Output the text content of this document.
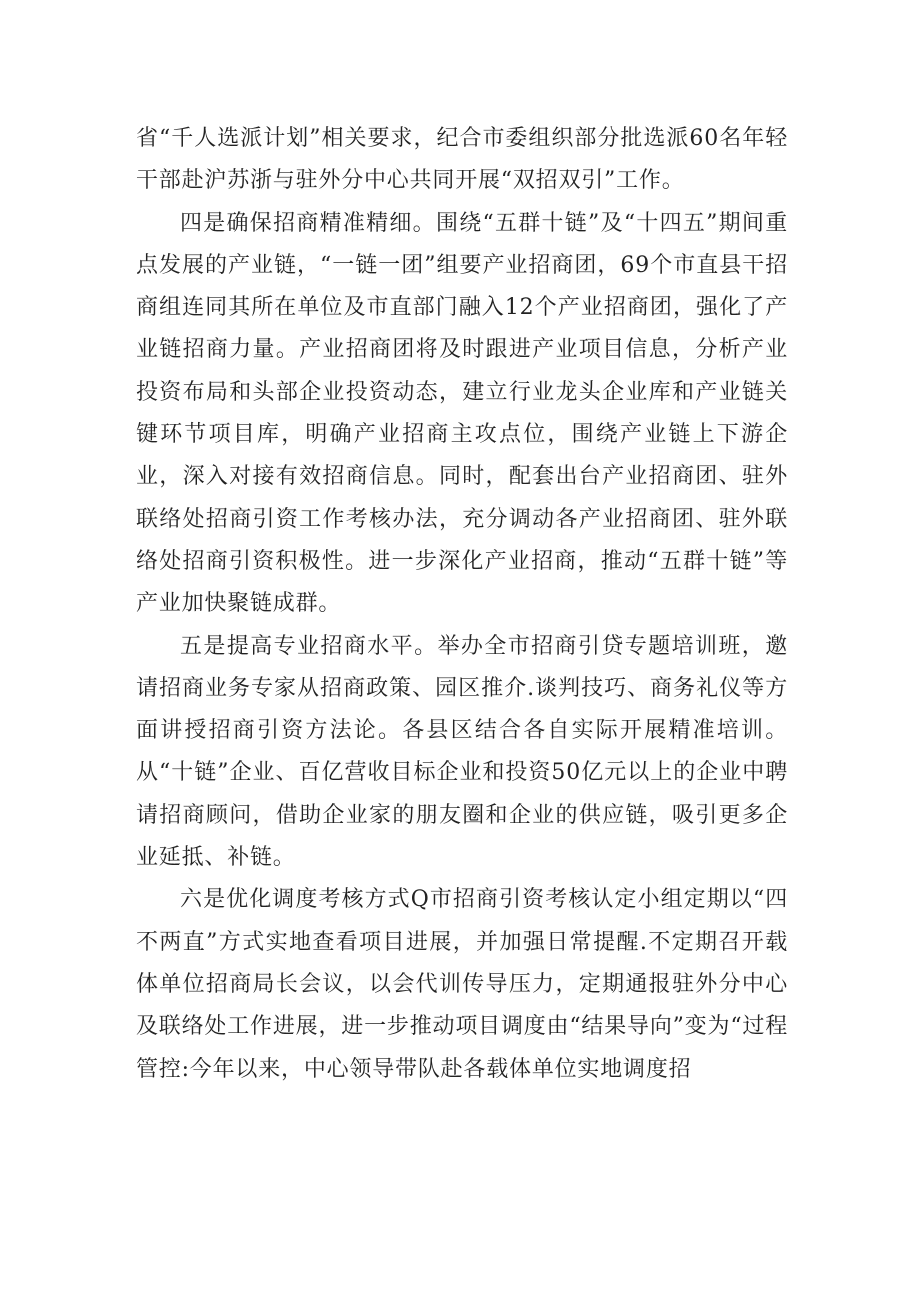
省“千人选派计划”相关要求，纪合市委组织部分批选派60名年轻干部赴沪苏浙与驻外分中心共同开展“双招双引”工作。

四是确保招商精准精细。围绕“五群十链”及“十四五”期间重点发展的产业链，“一链一团”组要产业招商团，69个市直县干招商组连同其所在单位及市直部门融入12个产业招商团，强化了产业链招商力量。产业招商团将及时跟进产业项目信息，分析产业投资布局和头部企业投资动态，建立行业龙头企业库和产业链关键环节项目库，明确产业招商主攻点位，围绕产业链上下游企业，深入对接有效招商信息。同时，配套出台产业招商团、驻外联络处招商引资工作考核办法，充分调动各产业招商团、驻外联络处招商引资积极性。进一步深化产业招商，推动“五群十链”等产业加快聚链成群。

五是提高专业招商水平。举办全市招商引贷专题培训班，邀请招商业务专家从招商政策、园区推介.谈判技巧、商务礼仪等方面讲授招商引资方法论。各县区结合各自实际开展精准培训。从“十链”企业、百亿营收目标企业和投资50亿元以上的企业中聘请招商顾问，借助企业家的朋友圈和企业的供应链，吸引更多企业延抵、补链。

六是优化调度考核方式Q市招商引资考核认定小组定期以“四不两直”方式实地查看项目进展，并加强日常提醒.不定期召开载体单位招商局长会议，以会代训传导压力，定期通报驻外分中心及联络处工作进展，进一步推动项目调度由“结果导向”变为“过程管控:今年以来，中心领导带队赴各载体单位实地调度招
